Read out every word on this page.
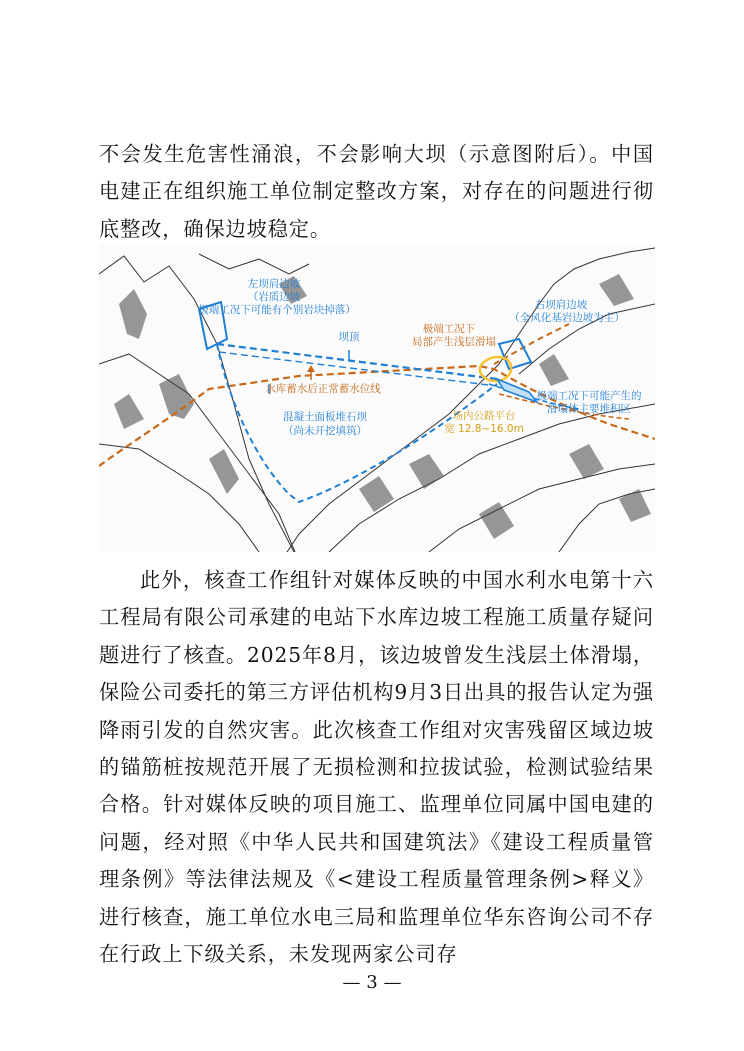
不会发生危害性涌浪，不会影响大坝（示意图附后）。中国电建正在组织施工单位制定整改方案，对存在的问题进行彻底整改，确保边坡稳定。

左坝肩边坡
（岩质边坡
极端工况下可能有个别岩块掉落）
坝顶
极端工况下
局部产生浅层滑塌
右坝肩边坡
（全风化基岩边坡为主）
水库蓄水后正常蓄水位线
极端工况下可能产生的
滑塌体主要堆积区
混凝土面板堆石坝
（尚未开挖填筑）
场内公路平台
宽 12.8~16.0m

此外，核查工作组针对媒体反映的中国水利水电第十六工程局有限公司承建的电站下水库边坡工程施工质量存疑问题进行了核查。2025年8月，该边坡曾发生浅层土体滑塌，保险公司委托的第三方评估机构9月3日出具的报告认定为强降雨引发的自然灾害。此次核查工作组对灾害残留区域边坡的锚筋桩按规范开展了无损检测和拉拔试验，检测试验结果合格。针对媒体反映的项目施工、监理单位同属中国电建的问题，经对照《中华人民共和国建筑法》《建设工程质量管理条例》等法律法规及《<建设工程质量管理条例>释义》进行核查，施工单位水电三局和监理单位华东咨询公司不存在行政上下级关系，未发现两家公司存

— 3 —
